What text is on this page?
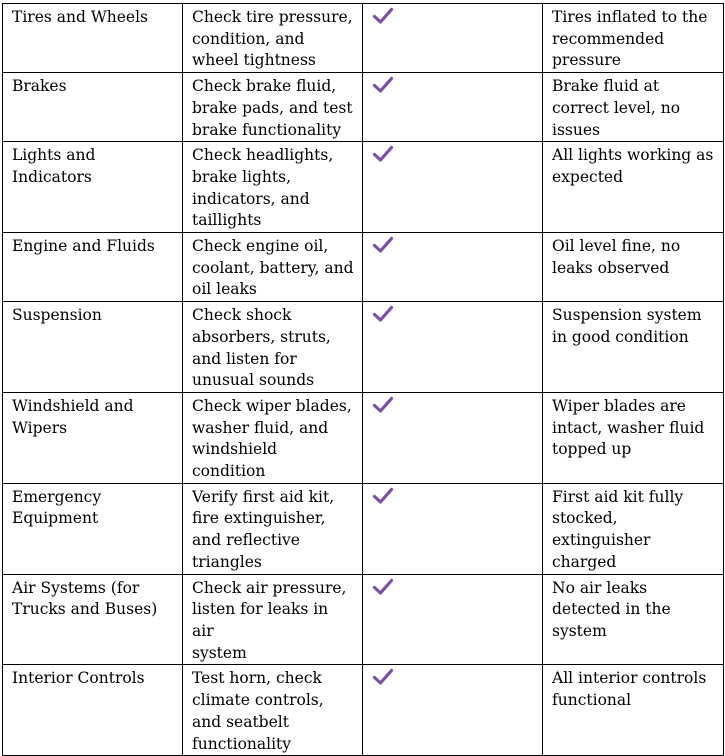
Tires and Wheels	Check tire pressure,
condition, and
wheel tightness		Tires inflated to the
recommended
pressure
Brakes	Check brake fluid,
brake pads, and test
brake functionality		Brake fluid at
correct level, no
issues
Lights and
Indicators	Check headlights,
brake lights,
indicators, and
taillights		All lights working as
expected
Engine and Fluids	Check engine oil,
coolant, battery, and
oil leaks		Oil level fine, no
leaks observed
Suspension	Check shock
absorbers, struts,
and listen for
unusual sounds		Suspension system
in good condition
Windshield and
Wipers	Check wiper blades,
washer fluid, and
windshield
condition		Wiper blades are
intact, washer fluid
topped up
Emergency
Equipment	Verify first aid kit,
fire extinguisher,
and reflective
triangles		First aid kit fully
stocked,
extinguisher
charged
Air Systems (for
Trucks and Buses)	Check air pressure,
listen for leaks in air
system		No air leaks
detected in the
system
Interior Controls	Test horn, check
climate controls,
and seatbelt
functionality		All interior controls
functional
